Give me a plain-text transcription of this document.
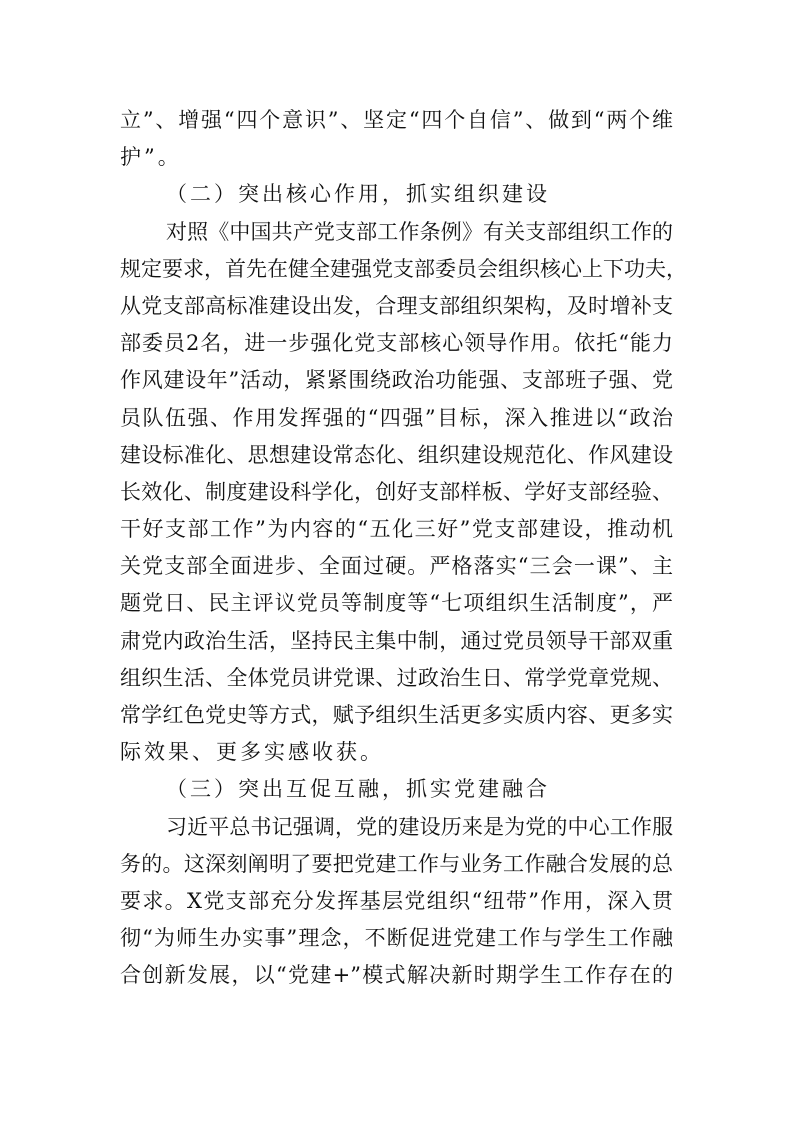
立”、增强“四个意识”、坚定“四个自信”、做到“两个维
护”。
（二）突出核心作用，抓实组织建设
对照《中国共产党支部工作条例》有关支部组织工作的
规定要求，首先在健全建强党支部委员会组织核心上下功夫，
从党支部高标准建设出发，合理支部组织架构，及时增补支
部委员2名，进一步强化党支部核心领导作用。依托“能力
作风建设年”活动，紧紧围绕政治功能强、支部班子强、党
员队伍强、作用发挥强的“四强”目标，深入推进以“政治
建设标准化、思想建设常态化、组织建设规范化、作风建设
长效化、制度建设科学化，创好支部样板、学好支部经验、
干好支部工作”为内容的“五化三好”党支部建设，推动机
关党支部全面进步、全面过硬。严格落实“三会一课”、主
题党日、民主评议党员等制度等“七项组织生活制度”，严
肃党内政治生活，坚持民主集中制，通过党员领导干部双重
组织生活、全体党员讲党课、过政治生日、常学党章党规、
常学红色党史等方式，赋予组织生活更多实质内容、更多实
际效果、更多实感收获。
（三）突出互促互融，抓实党建融合
习近平总书记强调，党的建设历来是为党的中心工作服
务的。这深刻阐明了要把党建工作与业务工作融合发展的总
要求。X党支部充分发挥基层党组织“纽带”作用，深入贯
彻“为师生办实事”理念，不断促进党建工作与学生工作融
合创新发展，以“党建+”模式解决新时期学生工作存在的
